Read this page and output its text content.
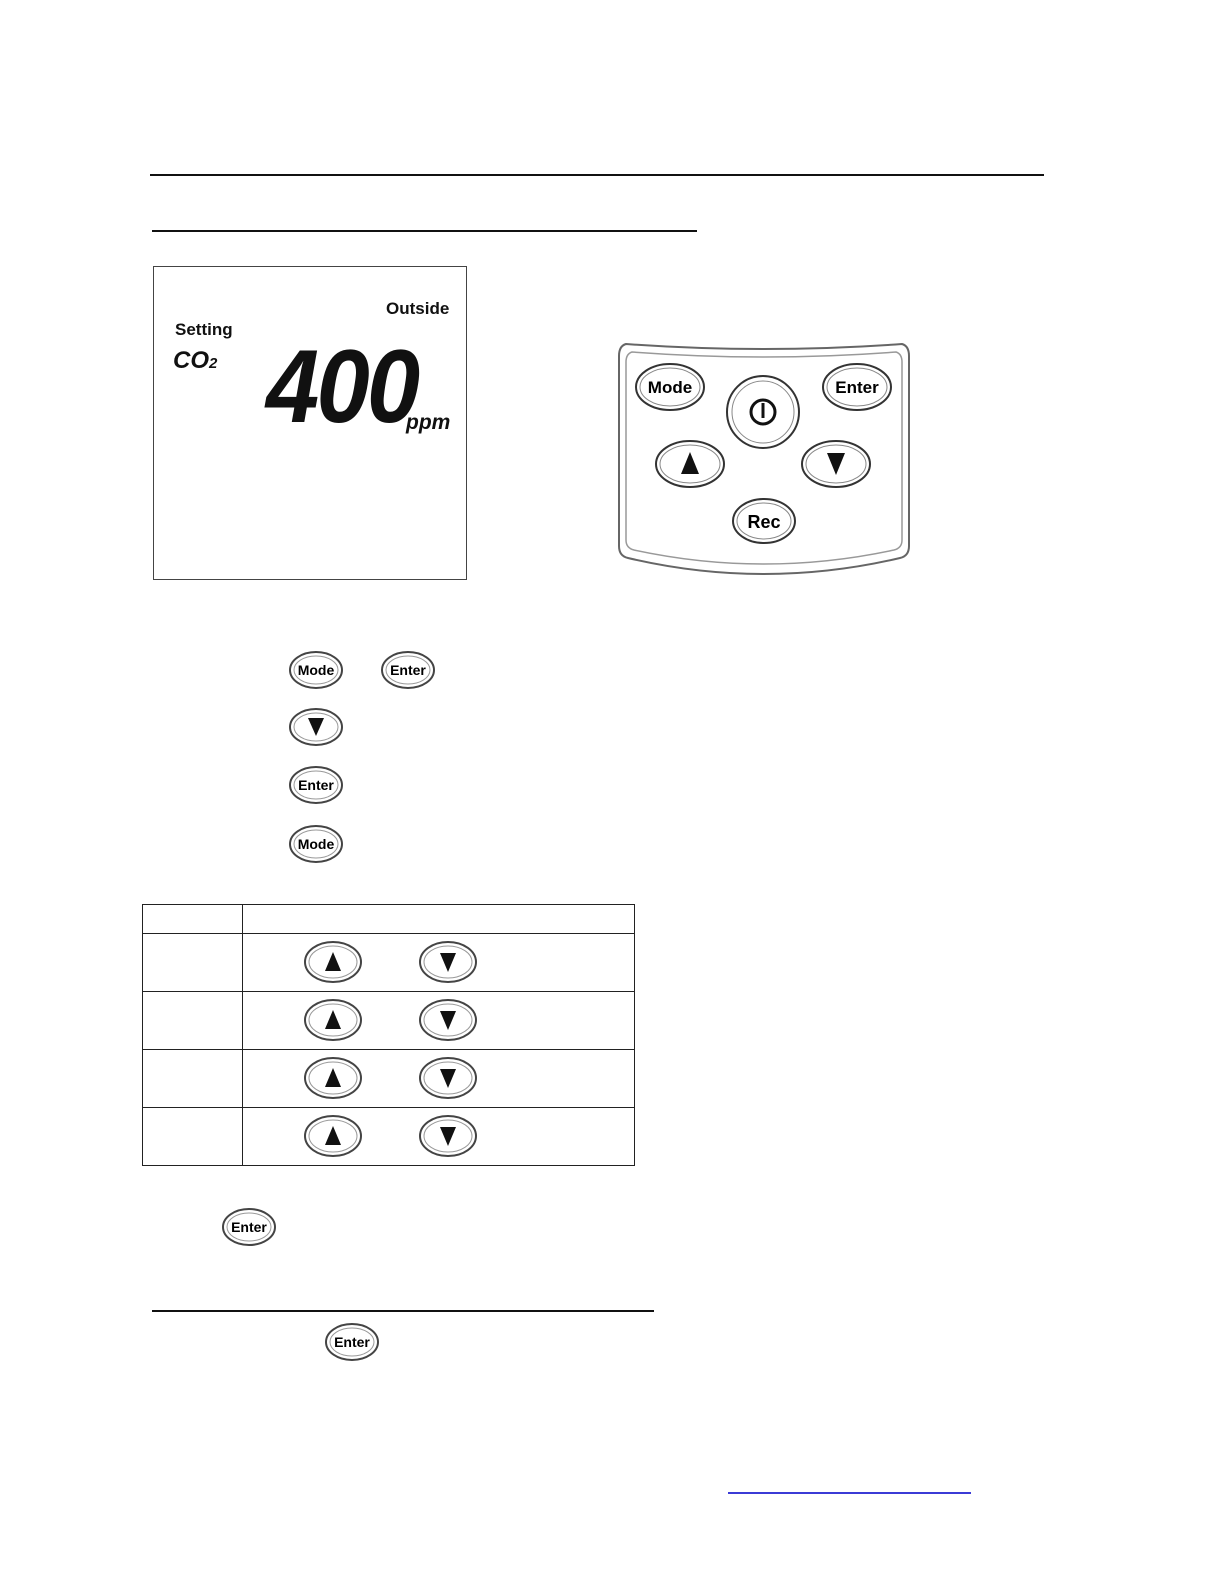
Outside
Setting
CO2 400
ppm
Mode	Enter
Rec
Mode	Enter
Enter
Mode

Enter
Enter
